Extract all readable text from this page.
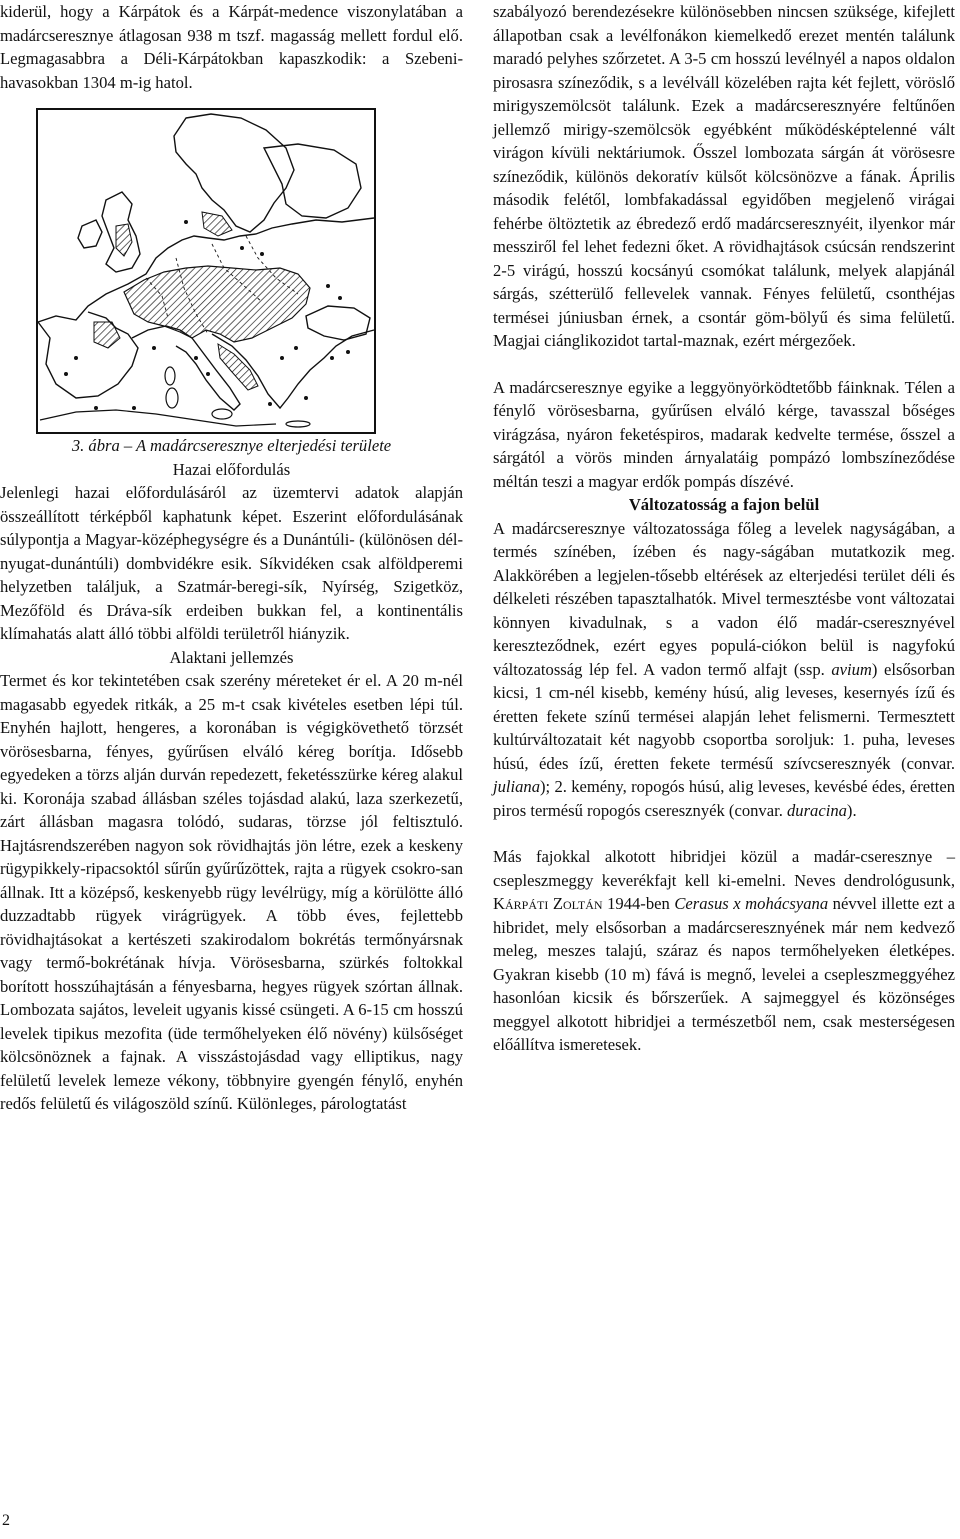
kiderül, hogy a Kárpátok és a Kárpát-medence viszonylatában a madárcseresznye átlagosan 938 m tszf. magasság mellett fordul elő. Legmagasabbra a Déli-Kárpátokban kapaszkodik: a Szebeni-havasokban 1304 m-ig hatol.

3. ábra – A madárcseresznye elterjedési területe

Hazai előfordulás

Jelenlegi hazai előfordulásáról az üzemtervi adatok alapján összeállított térképből kaphatunk képet. Eszerint előfordulásának súlypontja a Magyar-középhegységre és a Dunántúli- (különösen dél-nyugat-dunántúli) dombvidékre esik. Síkvidéken csak alföldperemi helyzetben találjuk, a Szatmár-beregi-sík, Nyírség, Szigetköz, Mezőföld és Dráva-sík erdeiben bukkan fel, a kontinentális klímahatás alatt álló többi alföldi területről hiányzik.

Alaktani jellemzés

Termet és kor tekintetében csak szerény méreteket ér el. A 20 m-nél magasabb egyedek ritkák, a 25 m-t csak kivételes esetben lépi túl. Enyhén hajlott, hengeres, a koronában is végigkövethető törzsét vörösesbarna, fényes, gyűrűsen elváló kéreg borítja. Idősebb egyedeken a törzs alján durván repedezett, feketésszürke kéreg alakul ki. Koronája szabad állásban széles tojásdad alakú, laza szerkezetű, zárt állásban magasra tolódó, sudaras, törzse jól feltisztuló. Hajtásrendszerében nagyon sok rövidhajtás jön létre, ezek a keskeny rügypikkely-ripacsoktól sűrűn gyűrűzöttek, rajta a rügyek csokro-san állnak. Itt a középső, keskenyebb rügy levélrügy, míg a körülötte álló duzzadtabb rügyek virágrügyek. A több éves, fejlettebb rövidhajtásokat a kertészeti szakirodalom bokrétás termőnyársnak vagy termő-bokrétának hívja. Vörösesbarna, szürkés foltokkal borított hosszúhajtásán a fényesbarna, hegyes rügyek szórtan állnak. Lombozata sajátos, leveleit ugyanis kissé csüngeti. A 6-15 cm hosszú levelek tipikus mezofita (üde termőhelyeken élő növény) külsőséget kölcsönöznek a fajnak. A visszástojásdad vagy elliptikus, nagy felületű levelek lemeze vékony, többnyire gyengén fénylő, enyhén redős felületű és világoszöld színű. Különleges, párologtatást

szabályozó berendezésekre különösebben nincsen szüksége, kifejlett állapotban csak a levélfonákon kiemelkedő erezet mentén találunk maradó pelyhes szőrzetet. A 3-5 cm hosszú levélnyél a napos oldalon pirosasra színeződik, s a levélváll közelében rajta két fejlett, vöröslő mirigyszemölcsöt találunk. Ezek a madárcseresznyére feltűnően jellemző mirigy-szemölcsök egyébként működésképtelenné vált virágon kívüli nektáriumok. Ősszel lombozata sárgán át vörösesre színeződik, különös dekoratív külsőt kölcsönözve a fának. Április második felétől, lombfakadással egyidőben megjelenő virágai fehérbe öltöztetik az ébredező erdő madárcseresznyéit, ilyenkor már messziről fel lehet fedezni őket. A rövidhajtások csúcsán rendszerint 2-5 virágú, hosszú kocsányú csomókat találunk, melyek alapjánál sárgás, szétterülő fellevelek vannak. Fényes felületű, csonthéjas termései júniusban érnek, a csontár göm-bölyű és sima felületű. Magjai ciánglikozidot tartal-maznak, ezért mérgezőek.

A madárcseresznye egyike a leggyönyörködtetőbb fáinknak. Télen a fénylő vörösesbarna, gyűrűsen elváló kérge, tavasszal bőséges virágzása, nyáron feketéspiros, madarak kedvelte termése, ősszel a sárgától a vörös minden árnyalatáig pompázó lombszíneződése méltán teszi a magyar erdők pompás díszévé.

Változatosság a fajon belül

A madárcseresznye változatossága főleg a levelek nagyságában, a termés színében, ízében és nagy-ságában mutatkozik meg. Alakkörében a legjelen-tősebb eltérések az elterjedési terület déli és délkeleti részében tapasztalhatók. Mivel termesztésbe vont változatai könnyen kivadulnak, s a vadon élő madár-cseresznyével kereszteződnek, ezért egyes populá-ciókon belül is nagyfokú változatosság lép fel. A vadon termő alfajt (ssp. avium) elsősorban kicsi, 1 cm-nél kisebb, kemény húsú, alig leveses, kesernyés ízű és éretten fekete színű termései alapján lehet felismerni. Termesztett kultúrváltozatait két nagyobb csoportba soroljuk: 1. puha, leveses húsú, édes ízű, éretten fekete termésű szívcseresznyék (convar. juliana); 2. kemény, ropogós húsú, alig leveses, kevésbé édes, éretten piros termésű ropogós cseresznyék (convar. duracina).

Más fajokkal alkotott hibridjei közül a madár-cseresznye – csepleszmeggy keverékfajt kell ki-emelni. Neves dendrológusunk, Kárpáti Zoltán 1944-ben Cerasus x mohácsyana névvel illette ezt a hibridet, mely elsősorban a madárcseresznyének már nem kedvező meleg, meszes talajú, száraz és napos termőhelyeken életképes. Gyakran kisebb (10 m) fává is megnő, levelei a csepleszmeggyéhez hasonlóan kicsik és bőrszerűek. A sajmeggyel és közönséges meggyel alkotott hibridjei a természetből nem, csak mesterségesen előállítva ismeretesek.

2
